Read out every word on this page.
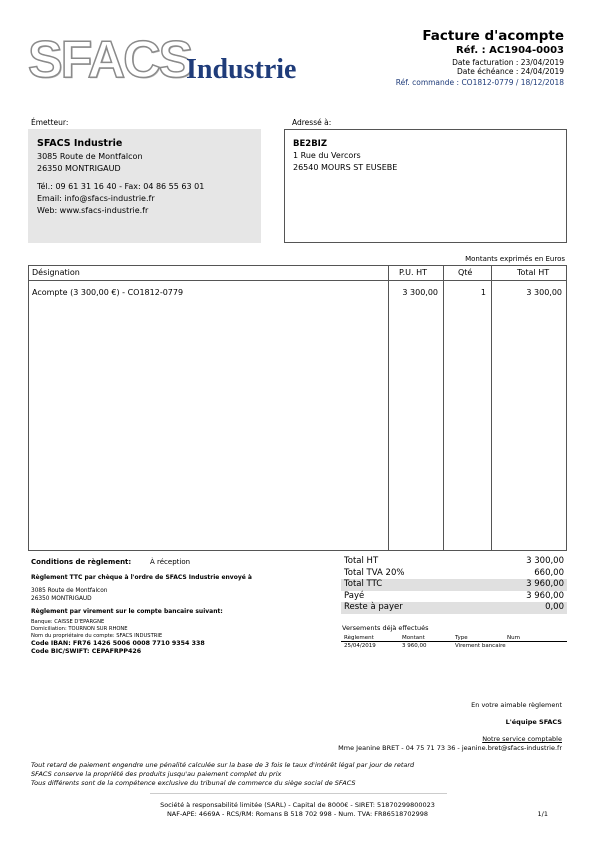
SFACS
Industrie
Facture d'acompte
Réf. : AC1904-0003
Date facturation : 23/04/2019
Date échéance : 24/04/2019
Réf. commande : CO1812-0779 / 18/12/2018
Émetteur:
SFACS Industrie
3085 Route de Montfalcon
26350 MONTRIGAUD
Tél.: 09 61 31 16 40 - Fax: 04 86 55 63 01
Email: info@sfacs-industrie.fr
Web: www.sfacs-industrie.fr
Adressé à:
BE2BIZ
1 Rue du Vercors
26540 MOURS ST EUSEBE
Montants exprimés en Euros
Désignation	P.U. HT	Qté	Total HT
Acompte (3 300,00 €) - CO1812-0779	3 300,00	1	3 300,00
Conditions de règlement:	À réception
Règlement TTC par chèque à l'ordre de SFACS Industrie envoyé à
3085 Route de Montfalcon
26350 MONTRIGAUD
Règlement par virement sur le compte bancaire suivant:
Banque: CAISSE D'EPARGNE
Domiciliation: TOURNON SUR RHONE
Nom du propriétaire du compte: SFACS INDUSTRIE
Code IBAN: FR76 1426 5006 0008 7710 9354 338
Code BIC/SWIFT: CEPAFRPP426
Total HT	3 300,00
Total TVA 20%	660,00
Total TTC	3 960,00
Payé	3 960,00
Reste à payer	0,00
Versements déjà effectués
Règlement	Montant	Type	Num
25/04/2019	3 960,00	Virement bancaire
En votre aimable règlement
L'équipe SFACS
Notre service comptable
Mme Jeanine BRET - 04 75 71 73 36 - jeanine.bret@sfacs-industrie.fr
Tout retard de paiement engendre une pénalité calculée sur la base de 3 fois le taux d'intérêt légal par jour de retard
SFACS conserve la propriété des produits jusqu'au paiement complet du prix
Tous différents sont de la compétence exclusive du tribunal de commerce du siège social de SFACS
Société à responsabilité limitée (SARL) - Capital de 8000€ - SIRET: 51870299800023
NAF-APE: 4669A - RCS/RM: Romans B 518 702 998 - Num. TVA: FR86518702998	1/1
